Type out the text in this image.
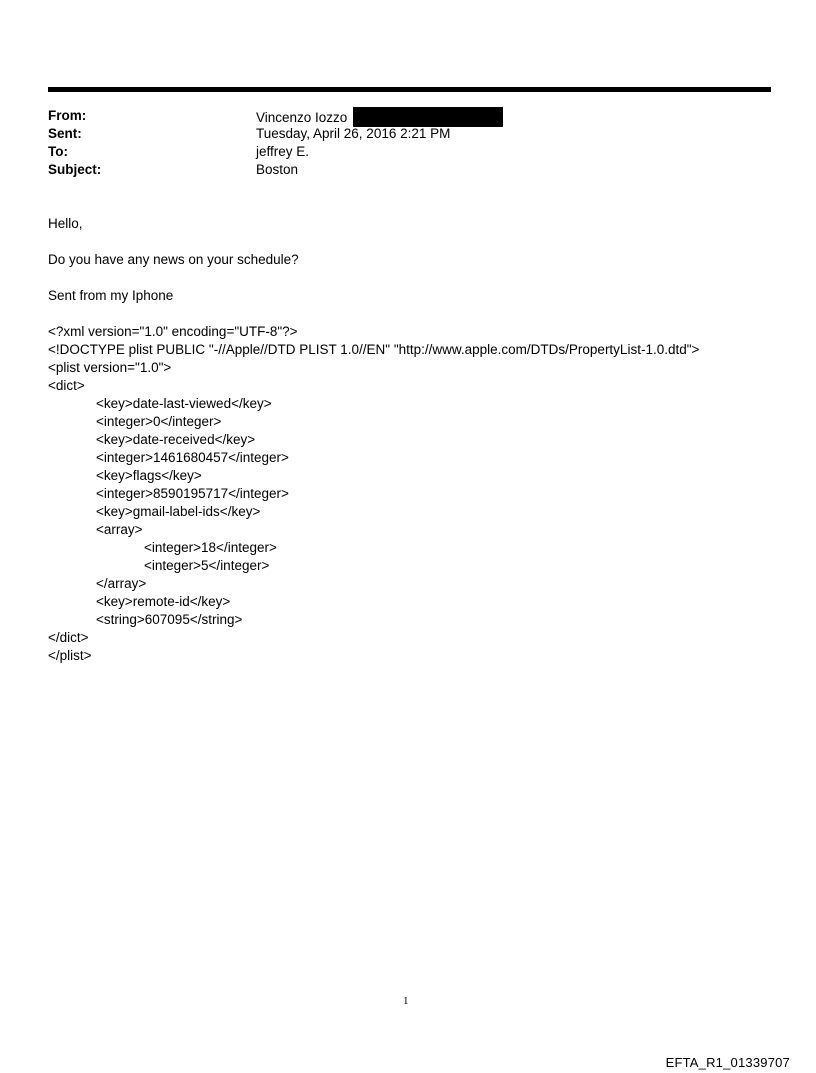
From:	Vincenzo Iozzo
Sent:	Tuesday, April 26, 2016 2:21 PM
To:	jeffrey E.
Subject:	Boston
Hello,
Do you have any news on your schedule?
Sent from my Iphone
<?xml version="1.0" encoding="UTF-8"?>
<!DOCTYPE plist PUBLIC "-//Apple//DTD PLIST 1.0//EN" "http://www.apple.com/DTDs/PropertyList-1.0.dtd">
<plist version="1.0">
<dict>
<key>date-last-viewed</key>
<integer>0</integer>
<key>date-received</key>
<integer>1461680457</integer>
<key>flags</key>
<integer>8590195717</integer>
<key>gmail-label-ids</key>
<array>
<integer>18</integer>
<integer>5</integer>
</array>
<key>remote-id</key>
<string>607095</string>
</dict>
</plist>
1
EFTA_R1_01339707
